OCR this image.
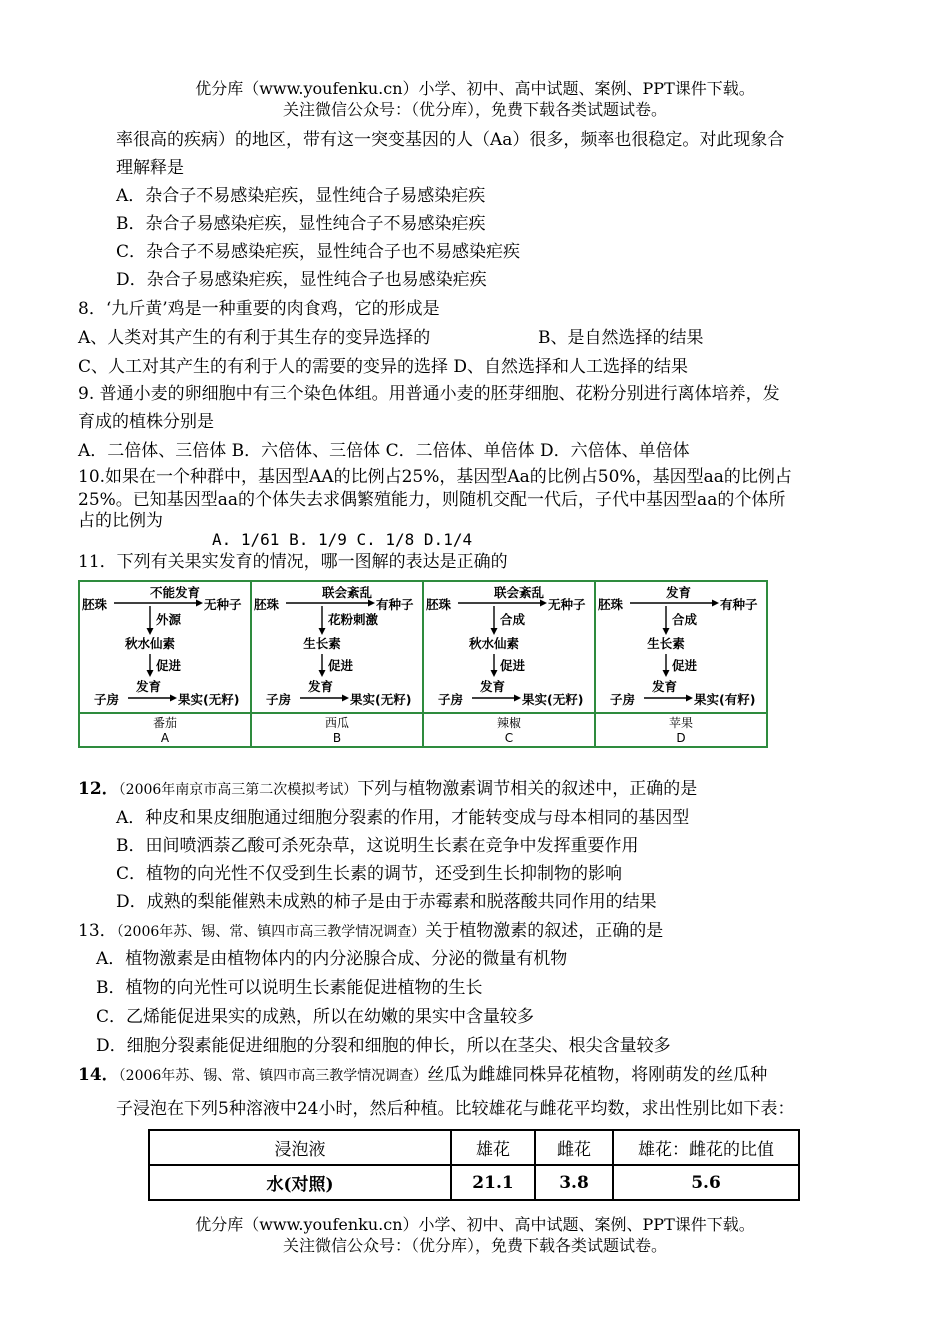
优分库（www.youfenku.cn）小学、初中、高中试题、案例、PPT课件下载。
关注微信公众号：（优分库），免费下载各类试题试卷。
率很高的疾病）的地区，带有这一突变基因的人（Aa）很多，频率也很稳定。对此现象合
理解释是
A．杂合子不易感染疟疾，显性纯合子易感染疟疾
B．杂合子易感染疟疾，显性纯合子不易感染疟疾
C．杂合子不易感染疟疾，显性纯合子也不易感染疟疾
D．杂合子易感染疟疾，显性纯合子也易感染疟疾
8．‘九斤黄’鸡是一种重要的肉食鸡，它的形成是
A、人类对其产生的有利于其生存的变异选择的	B、是自然选择的结果
C、人工对其产生的有利于人的需要的变异的选择 D、自然选择和人工选择的结果
9. 普通小麦的卵细胞中有三个染色体组。用普通小麦的胚芽细胞、花粉分别进行离体培养，发
育成的植株分别是
A．二倍体、三倍体 B．六倍体、三倍体 C．二倍体、单倍体 D．六倍体、单倍体
10.如果在一个种群中，基因型AA的比例占25%，基因型Aa的比例占50%，基因型aa的比例占
25%。已知基因型aa的个体失去求偶繁殖能力，则随机交配一代后，子代中基因型aa的个体所
占的比例为
A. 1/61 B. 1/9 C. 1/8 D.1/4
11．下列有关果实发育的情况，哪一图解的表达是正确的
胚珠
不能发育
无种子
外源
秋水仙素
促进
子房
发育
果实(无籽)
番茄
A
胚珠
联会紊乱
有种子
花粉刺激
生长素
促进
子房
发育
果实(无籽)
西瓜
B
胚珠
联会紊乱
无种子
合成
秋水仙素
促进
子房
发育
果实(无籽)
辣椒
C
胚珠
发育
有种子
合成
生长素
促进
子房
发育
果实(有籽)
苹果
D
12．（2006年南京市高三第二次模拟考试）下列与植物激素调节相关的叙述中，正确的是
A．种皮和果皮细胞通过细胞分裂素的作用，才能转变成与母本相同的基因型
B．田间喷洒萘乙酸可杀死杂草，这说明生长素在竞争中发挥重要作用
C．植物的向光性不仅受到生长素的调节，还受到生长抑制物的影响
D．成熟的梨能催熟未成熟的柿子是由于赤霉素和脱落酸共同作用的结果
13．（2006年苏、锡、常、镇四市高三教学情况调查）关于植物激素的叙述，正确的是
A．植物激素是由植物体内的内分泌腺合成、分泌的微量有机物
B．植物的向光性可以说明生长素能促进植物的生长
C．乙烯能促进果实的成熟，所以在幼嫩的果实中含量较多
D．细胞分裂素能促进细胞的分裂和细胞的伸长，所以在茎尖、根尖含量较多
14．（2006年苏、锡、常、镇四市高三教学情况调查）丝瓜为雌雄同株异花植物，将刚萌发的丝瓜种
子浸泡在下列5种溶液中24小时，然后种植。比较雄花与雌花平均数，求出性别比如下表：
浸泡液	雄花	雌花	雄花：雌花的比值
水(对照)	21.1	3.8	5.6
优分库（www.youfenku.cn）小学、初中、高中试题、案例、PPT课件下载。
关注微信公众号：（优分库），免费下载各类试题试卷。
